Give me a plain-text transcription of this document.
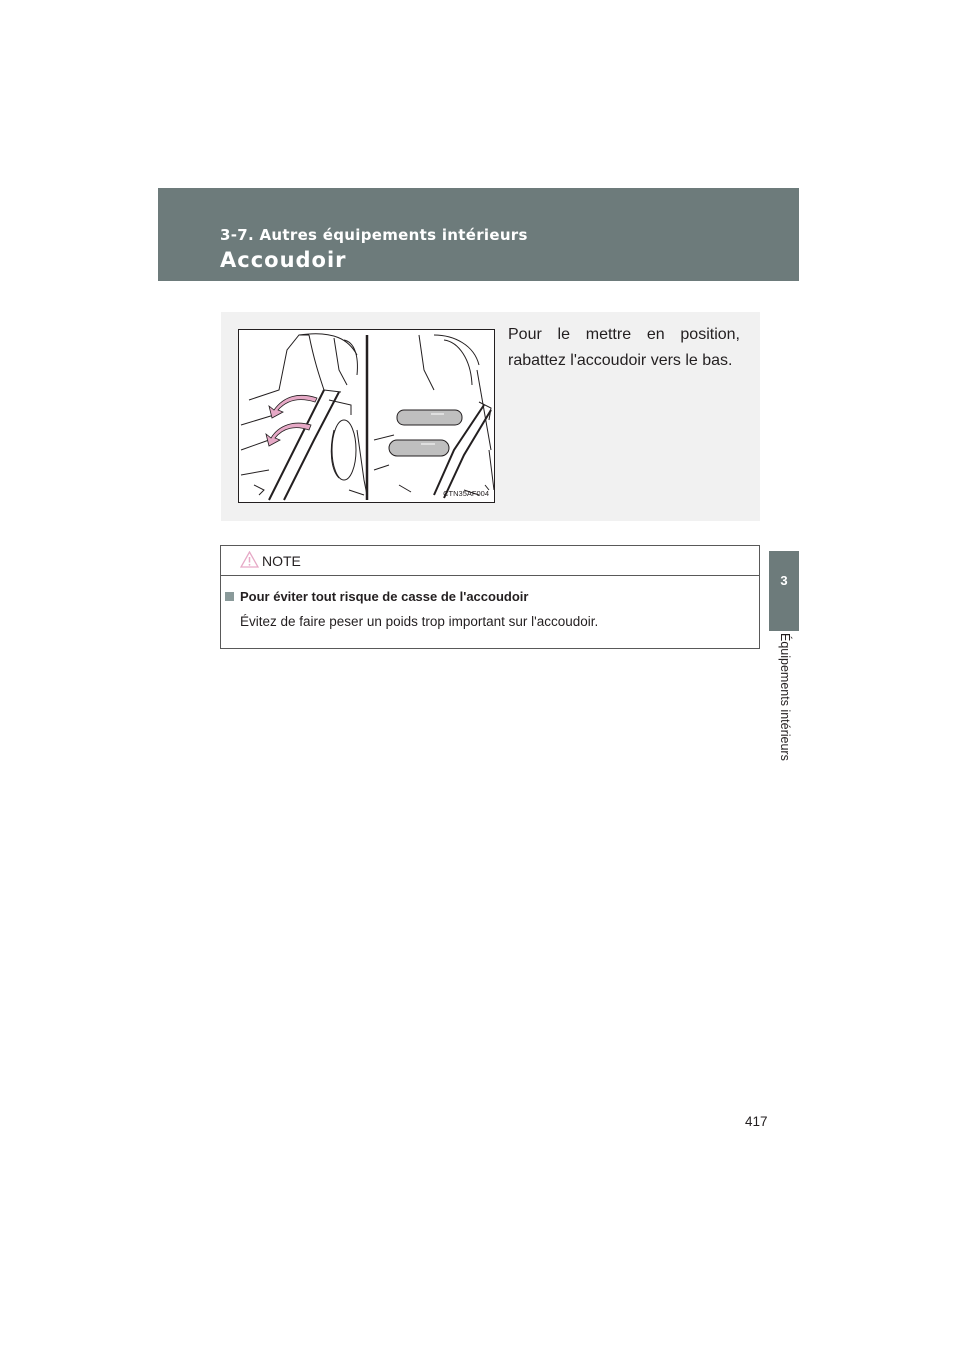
3-7. Autres équipements intérieurs
Accoudoir
3
Équipements intérieurs
CTN35AF004
Pour le mettre en position, rabattez l'accoudoir vers le bas.
NOTE
Pour éviter tout risque de casse de l'accoudoir
Évitez de faire peser un poids trop important sur l'accoudoir.
417
